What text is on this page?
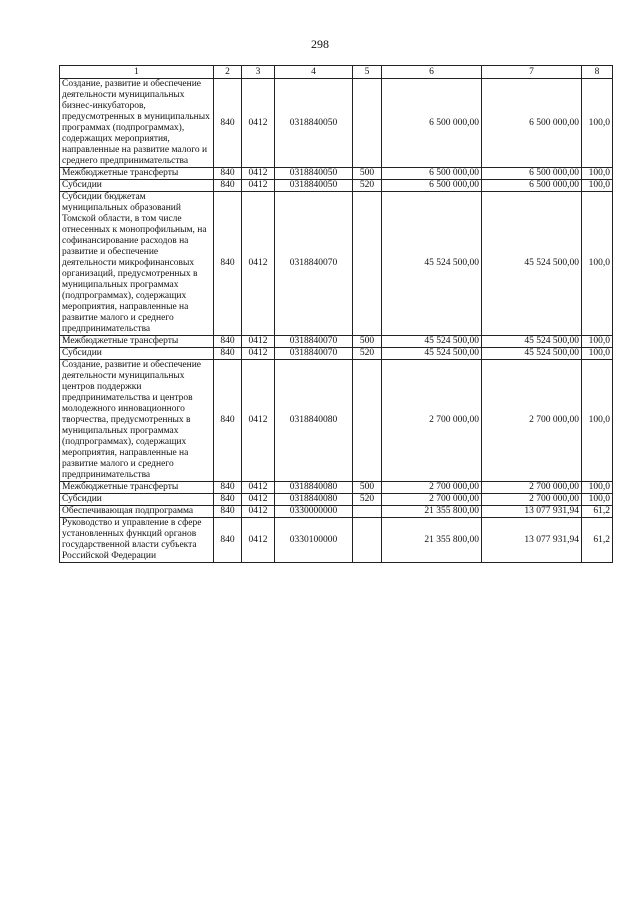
298
1	2	3	4	5	6	7	8
Создание, развитие и обеспечение деятельности муниципальных бизнес-инкубаторов, предусмотренных в муниципальных программах (подпрограммах), содержащих мероприятия, направленные на развитие малого и среднего предпринимательства	840	0412	0318840050		6 500 000,00	6 500 000,00	100,0
Межбюджетные трансферты	840	0412	0318840050	500	6 500 000,00	6 500 000,00	100,0
Субсидии	840	0412	0318840050	520	6 500 000,00	6 500 000,00	100,0
Субсидии бюджетам муниципальных образований Томской области, в том числе отнесенных к монопрофильным, на софинансирование расходов на развитие и обеспечение деятельности микрофинансовых организаций, предусмотренных в муниципальных программах (подпрограммах), содержащих мероприятия, направленные на развитие малого и среднего предпринимательства	840	0412	0318840070		45 524 500,00	45 524 500,00	100,0
Межбюджетные трансферты	840	0412	0318840070	500	45 524 500,00	45 524 500,00	100,0
Субсидии	840	0412	0318840070	520	45 524 500,00	45 524 500,00	100,0
Создание, развитие и обеспечение деятельности муниципальных центров поддержки предпринимательства и центров молодежного инновационного творчества, предусмотренных в муниципальных программах (подпрограммах), содержащих мероприятия, направленные на развитие малого и среднего предпринимательства	840	0412	0318840080		2 700 000,00	2 700 000,00	100,0
Межбюджетные трансферты	840	0412	0318840080	500	2 700 000,00	2 700 000,00	100,0
Субсидии	840	0412	0318840080	520	2 700 000,00	2 700 000,00	100,0
Обеспечивающая подпрограмма	840	0412	0330000000		21 355 800,00	13 077 931,94	61,2
Руководство и управление в сфере установленных функций органов государственной власти субъекта Российской Федерации	840	0412	0330100000		21 355 800,00	13 077 931,94	61,2
